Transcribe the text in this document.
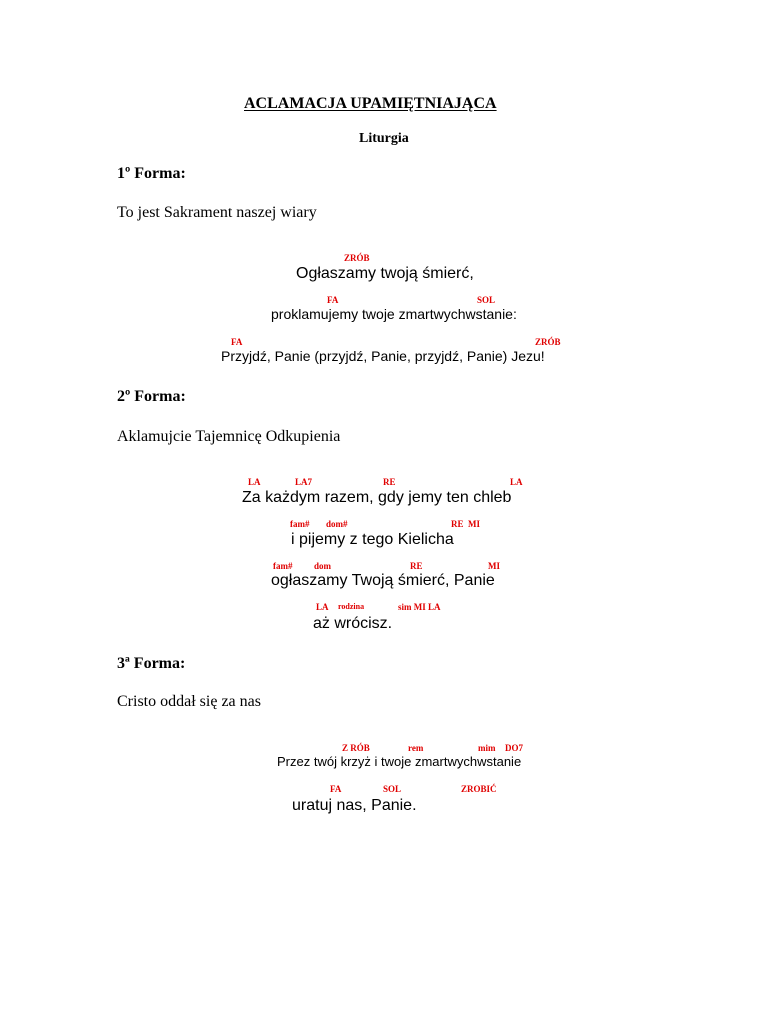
ACLAMACJA UPAMIĘTNIAJĄCA
Liturgia
1º Forma:
To jest Sakrament naszej wiary
ZRÓB
Ogłaszamy twoją śmierć,
FA	SOL
proklamujemy twoje zmartwychwstanie:
FA	ZRÓB
Przyjdź, Panie (przyjdź, Panie, przyjdź, Panie) Jezu!
2º Forma:
Aklamujcie Tajemnicę Odkupienia
LA	LA7	RE	LA
Za każdym razem, gdy jemy ten chleb
fam# dom#	RE  MI
i pijemy z tego Kielicha
fam# dom	RE	MI
ogłaszamy Twoją śmierć, Panie
LA rodzina	sim MI LA
aż wrócisz.
3ª Forma:
Cristo oddał się za nas
Z RÓB	rem	mim DO7
Przez twój krzyż i twoje zmartwychwstanie
FA	SOL	ZROBIĆ
uratuj nas, Panie.
